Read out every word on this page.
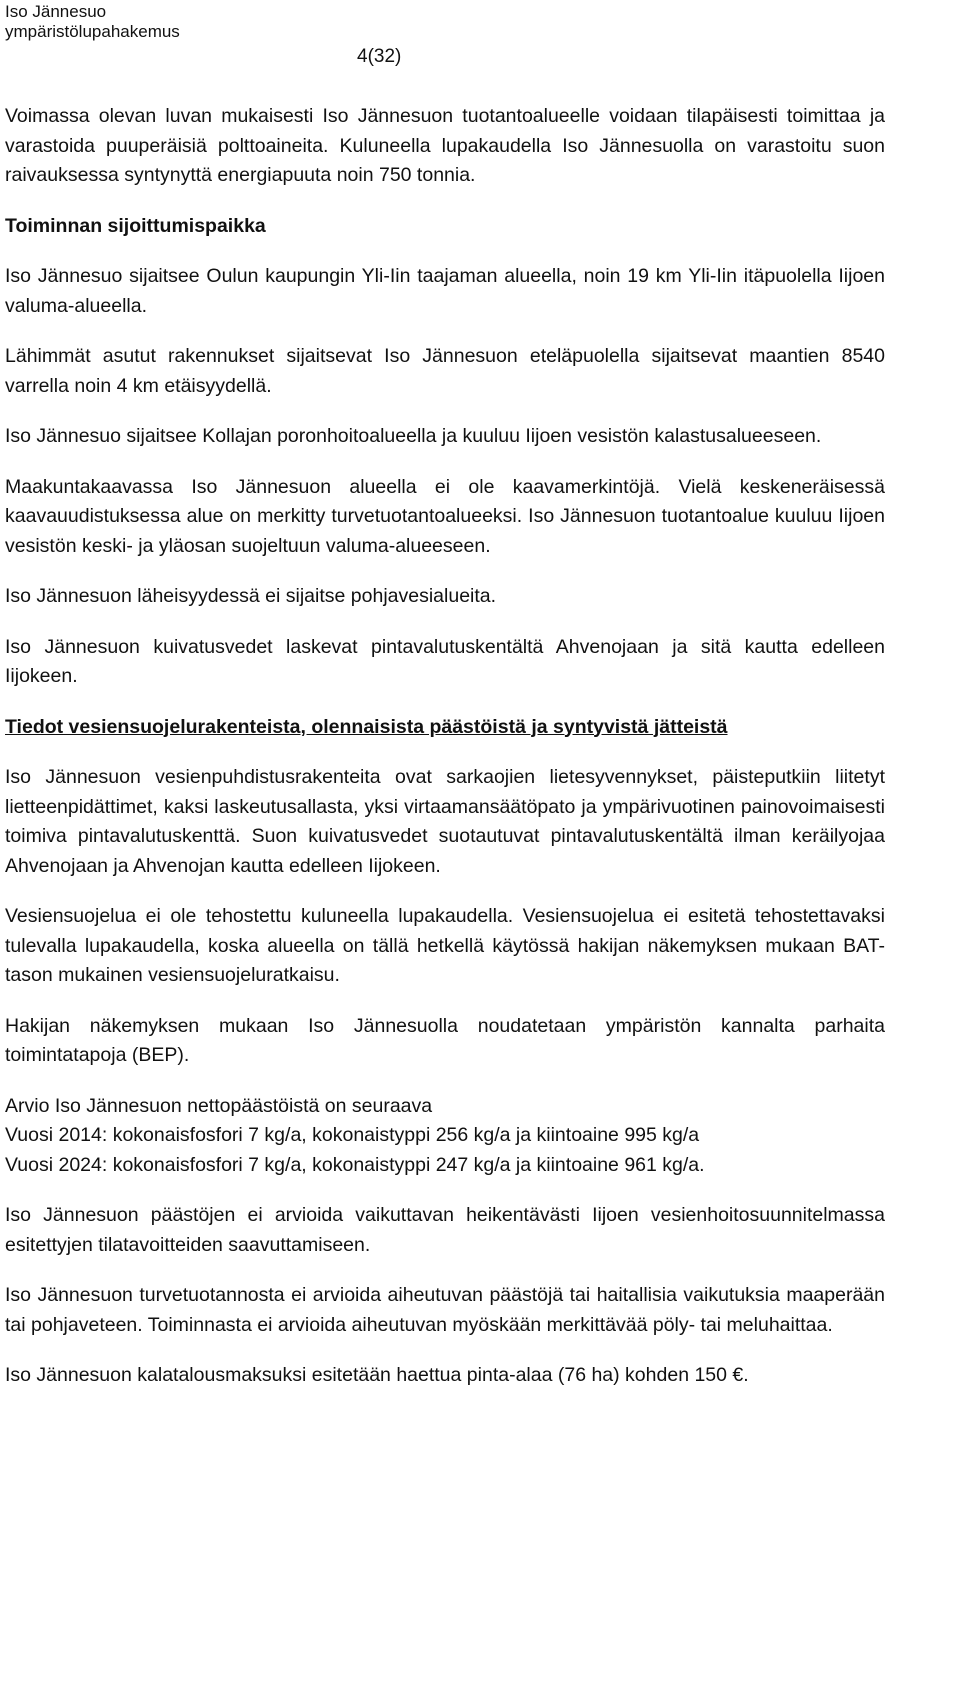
Iso Jännesuo
ympäristölupahakemus
4(32)

Voimassa olevan luvan mukaisesti Iso Jännesuon tuotantoalueelle voidaan tilapäisesti toimittaa ja varastoida puuperäisiä polttoaineita. Kuluneella lupakaudella Iso Jännesuolla on varastoitu suon raivauksessa syntynyttä energiapuuta noin 750 tonnia.

Toiminnan sijoittumispaikka

Iso Jännesuo sijaitsee Oulun kaupungin Yli-Iin taajaman alueella, noin 19 km Yli-Iin itäpuolella Iijoen valuma-alueella.

Lähimmät asutut rakennukset sijaitsevat Iso Jännesuon eteläpuolella sijaitsevat maantien 8540 varrella noin 4 km etäisyydellä.

Iso Jännesuo sijaitsee Kollajan poronhoitoalueella ja kuuluu Iijoen vesistön kalastusalueeseen.

Maakuntakaavassa Iso Jännesuon alueella ei ole kaavamerkintöjä. Vielä keskeneräisessä kaavauudistuksessa alue on merkitty turvetuotantoalueeksi. Iso Jännesuon tuotantoalue kuuluu Iijoen vesistön keski- ja yläosan suojeltuun valuma-alueeseen.

Iso Jännesuon läheisyydessä ei sijaitse pohjavesialueita.

Iso Jännesuon kuivatusvedet laskevat pintavalutuskentältä Ahvenojaan ja sitä kautta edelleen Iijokeen.

Tiedot vesiensuojelurakenteista, olennaisista päästöistä ja syntyvistä jätteistä

Iso Jännesuon vesienpuhdistusrakenteita ovat sarkaojien lietesyvennykset, päisteputkiin liitetyt lietteenpidättimet, kaksi laskeutusallasta, yksi virtaamansäätöpato ja ympärivuotinen painovoimaisesti toimiva pintavalutuskenttä. Suon kuivatusvedet suotautuvat pintavalutuskentältä ilman keräilyojaa Ahvenojaan ja Ahvenojan kautta edelleen Iijokeen.

Vesiensuojelua ei ole tehostettu kuluneella lupakaudella. Vesiensuojelua ei esitetä tehostettavaksi tulevalla lupakaudella, koska alueella on tällä hetkellä käytössä hakijan näkemyksen mukaan BAT-tason mukainen vesiensuojeluratkaisu.

Hakijan näkemyksen mukaan Iso Jännesuolla noudatetaan ympäristön kannalta parhaita toimintatapoja (BEP).

Arvio Iso Jännesuon nettopäästöistä on seuraava
Vuosi 2014: kokonaisfosfori 7 kg/a, kokonaistyppi 256 kg/a ja kiintoaine 995 kg/a
Vuosi 2024: kokonaisfosfori 7 kg/a, kokonaistyppi 247 kg/a ja kiintoaine 961 kg/a.

Iso Jännesuon päästöjen ei arvioida vaikuttavan heikentävästi Iijoen vesienhoitosuunnitelmassa esitettyjen tilatavoitteiden saavuttamiseen.

Iso Jännesuon turvetuotannosta ei arvioida aiheutuvan päästöjä tai haitallisia vaikutuksia maaperään tai pohjaveteen. Toiminnasta ei arvioida aiheutuvan myöskään merkittävää pöly- tai meluhaittaa.

Iso Jännesuon kalatalousmaksuksi esitetään haettua pinta-alaa (76 ha) kohden 150 €.
